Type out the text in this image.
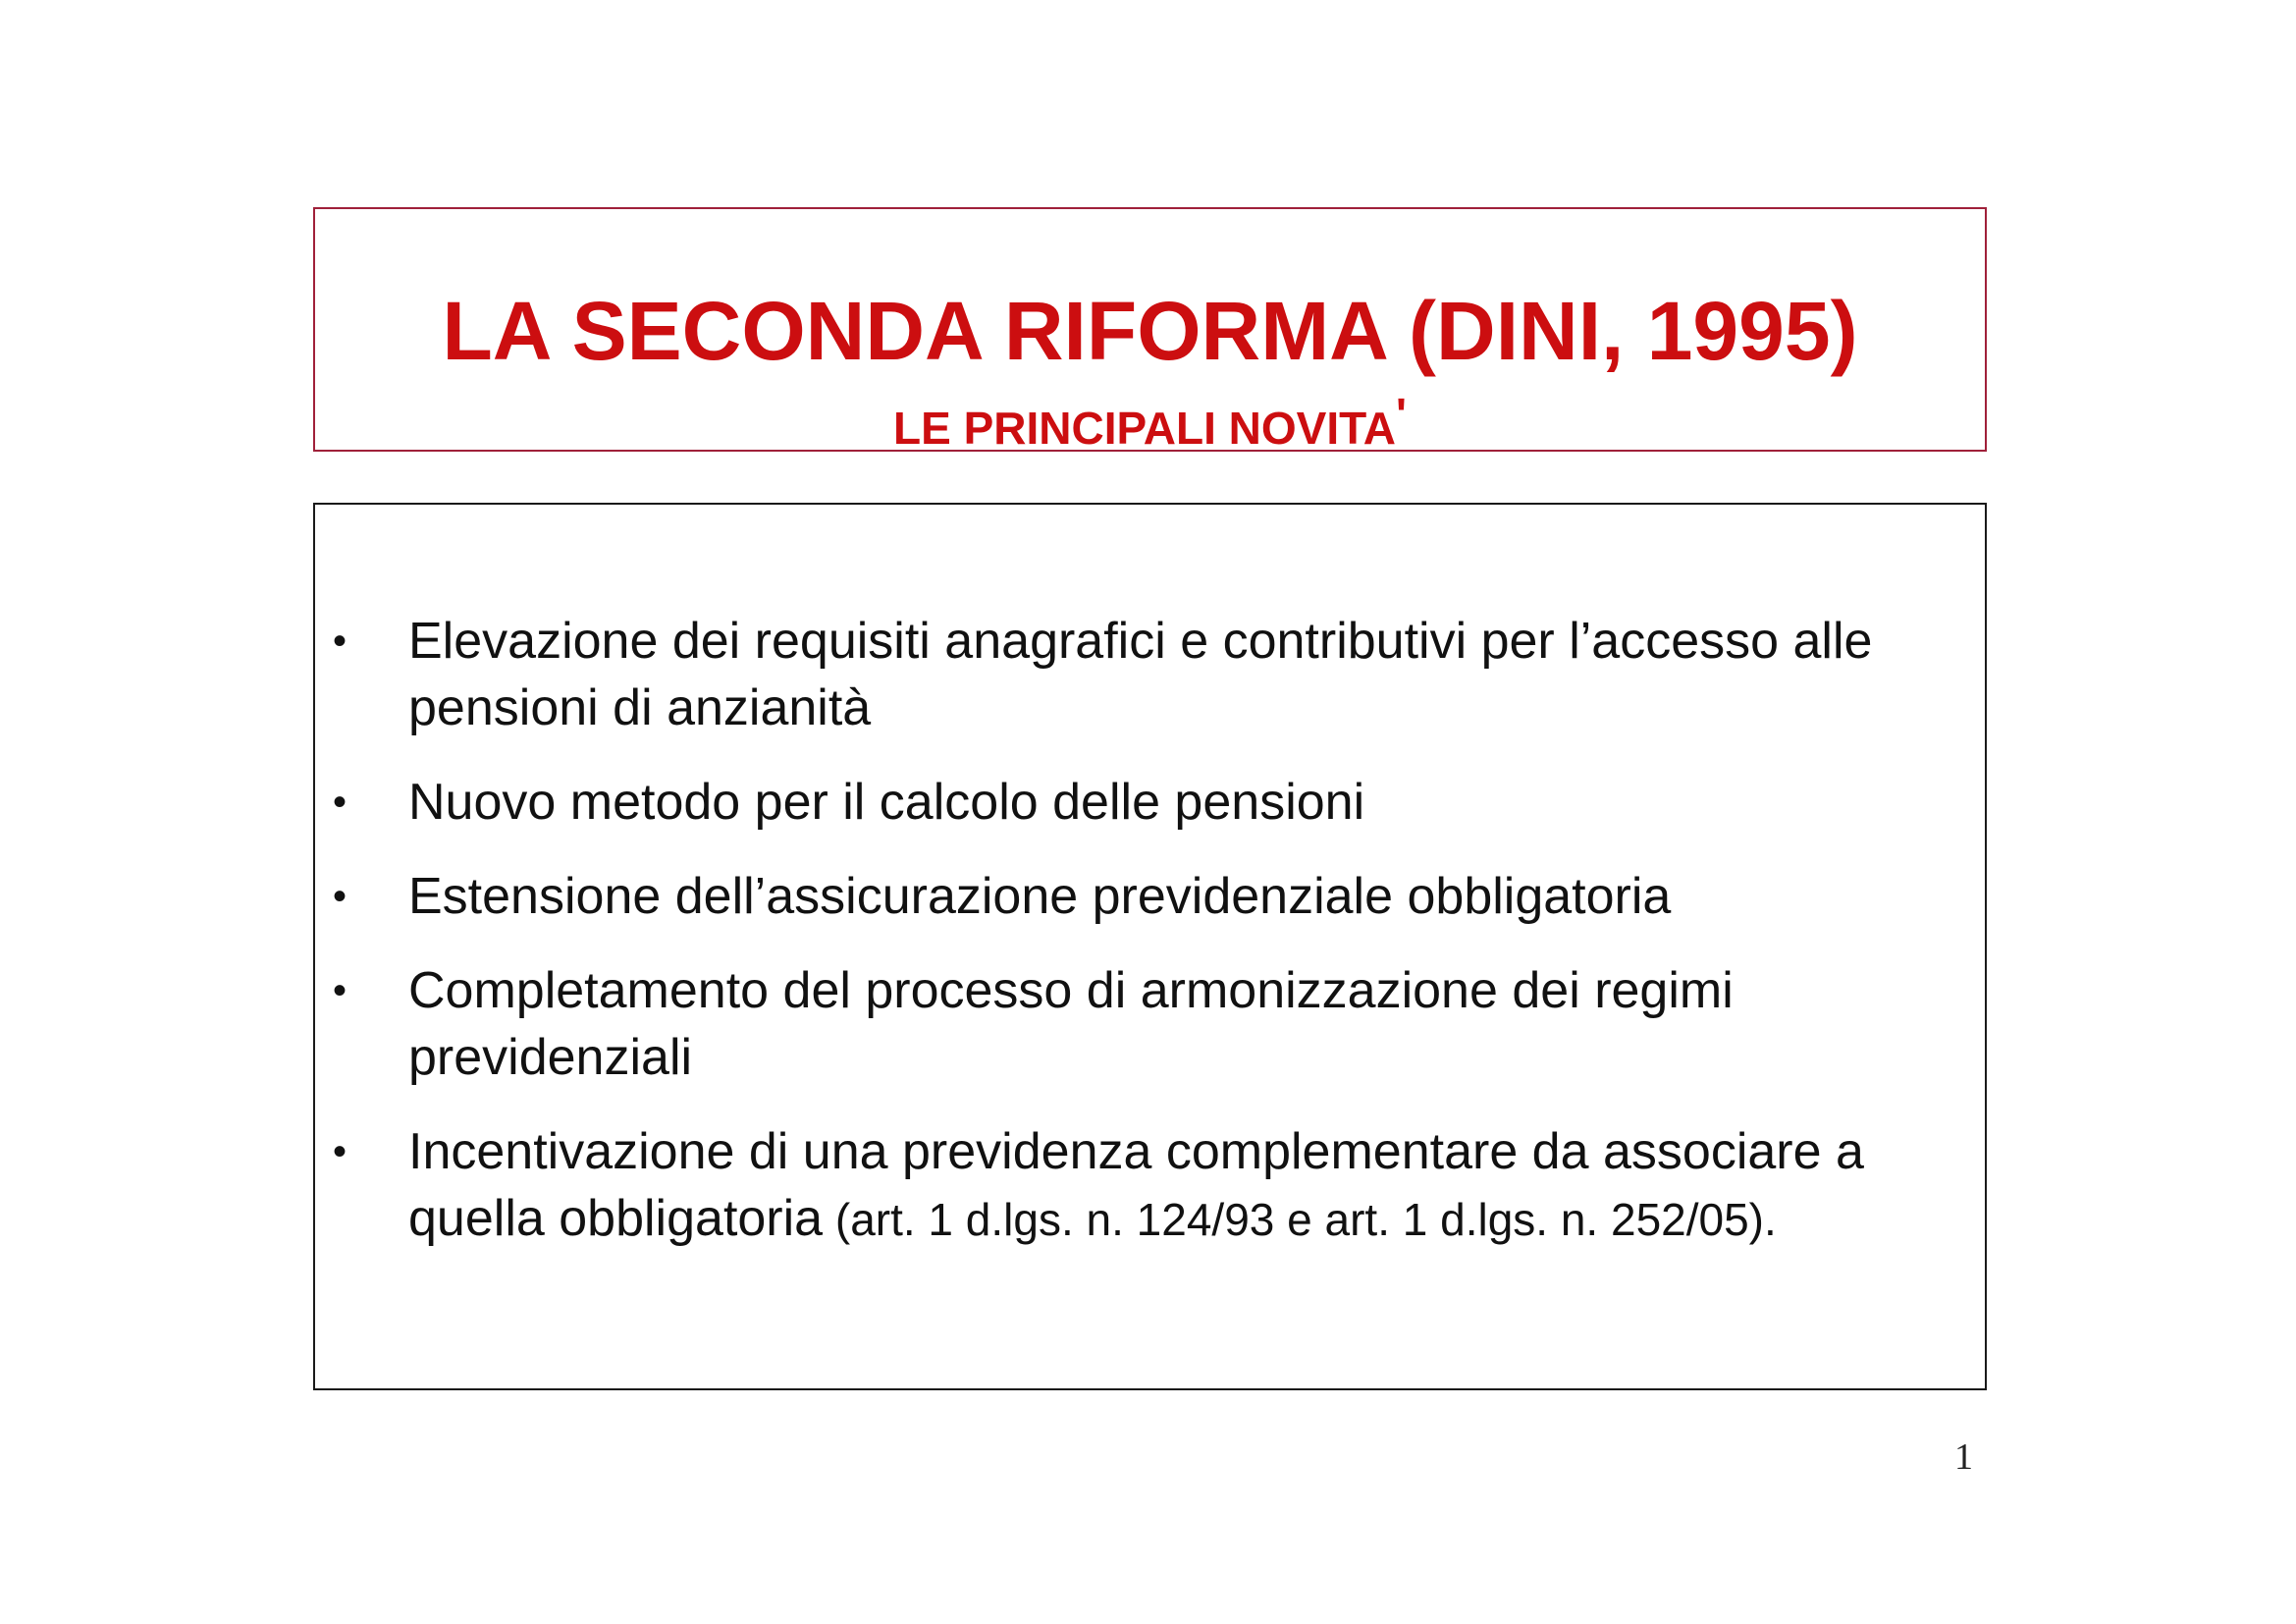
LA SECONDA RIFORMA (DINI, 1995)
LE PRINCIPALI NOVITA'
• Elevazione dei requisiti anagrafici e contributivi per l’accesso alle pensioni di anzianità
• Nuovo metodo per il calcolo delle pensioni
• Estensione dell’assicurazione previdenziale obbligatoria
• Completamento del processo di armonizzazione dei regimi previdenziali
• Incentivazione di una previdenza complementare da associare a quella obbligatoria (art. 1 d.lgs. n. 124/93 e art. 1 d.lgs. n. 252/05).
1
